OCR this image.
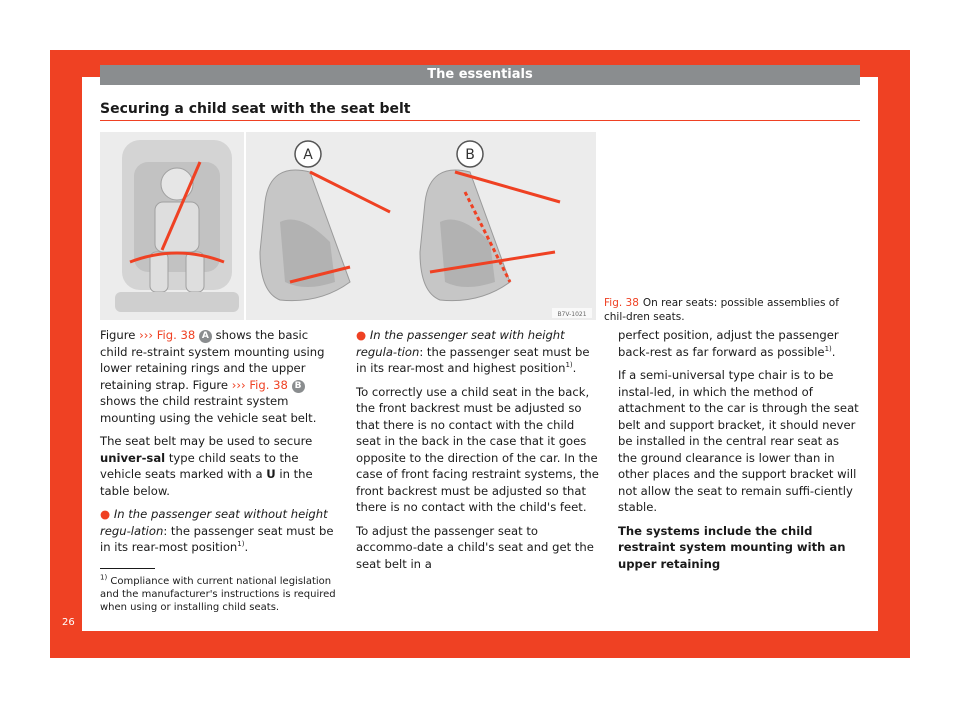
The essentials
Securing a child seat with the seat belt
A	B
B7V-1021
Fig. 38 On rear seats: possible assemblies of chil-dren seats.

Figure ››› Fig. 38 A shows the basic child re-straint system mounting using lower retaining rings and the upper retaining strap. Figure ››› Fig. 38 B shows the child restraint system mounting using the vehicle seat belt.

The seat belt may be used to secure univer-sal type child seats to the vehicle seats marked with a U in the table below.

● In the passenger seat without height regu-lation: the passenger seat must be in its rear-most position$^{1)}$.

● In the passenger seat with height regula-tion: the passenger seat must be in its rear-most and highest position$^{1)}$.

To correctly use a child seat in the back, the front backrest must be adjusted so that there is no contact with the child seat in the back in the case that it goes opposite to the direction of the car. In the case of front facing restraint systems, the front backrest must be adjusted so that there is no contact with the child's feet.

To adjust the passenger seat to accommo-date a child's seat and get the seat belt in a

perfect position, adjust the passenger back-rest as far forward as possible$^{1)}$.

If a semi-universal type chair is to be instal-led, in which the method of attachment to the car is through the seat belt and support bracket, it should never be installed in the central rear seat as the ground clearance is lower than in other places and the support bracket will not allow the seat to remain suffi-ciently stable.

The systems include the child restraint system mounting with an upper retaining

$^{1)}$ Compliance with current national legislation and the manufacturer's instructions is required when using or installing child seats.
26
